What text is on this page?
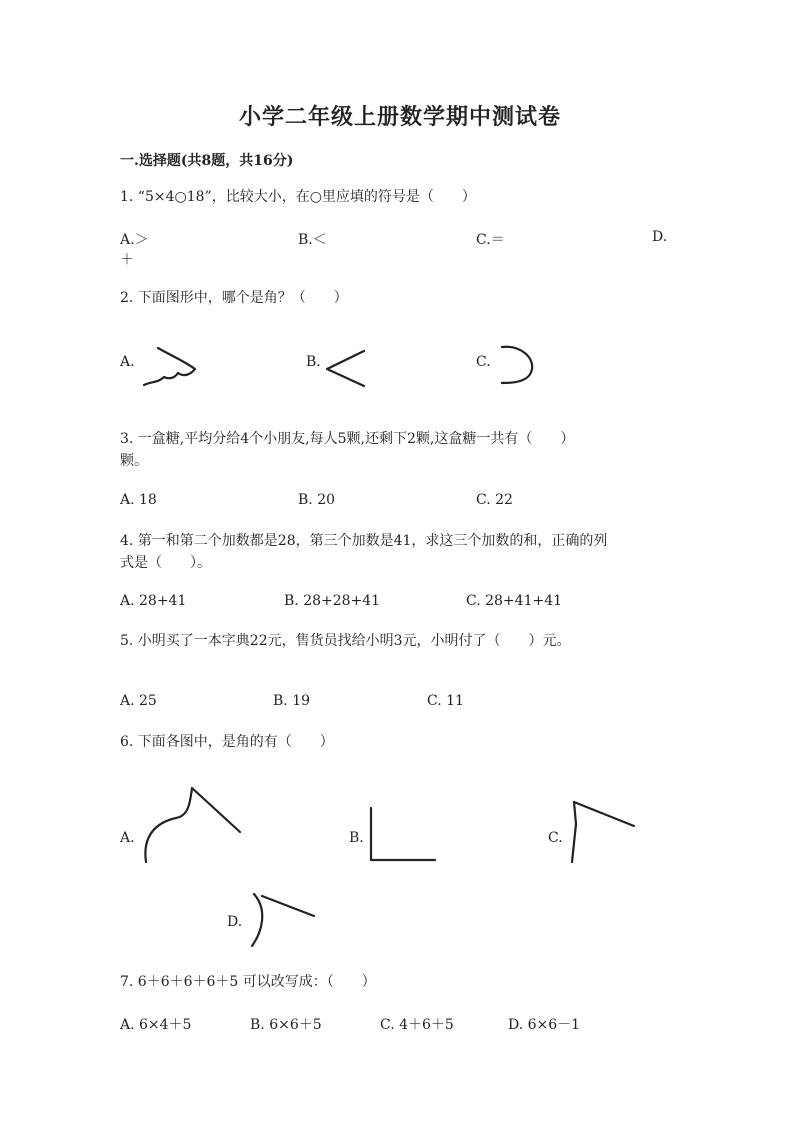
小学二年级上册数学期中测试卷
一.选择题(共8题，共16分)
1. “5×4○18”，比较大小，在○里应填的符号是（　　）
A.＞	B.＜	C.＝	D.
＋
2. 下面图形中，哪个是角？（　　）
A.	B.	C.
3. 一盒糖,平均分给4个小朋友,每人5颗,还剩下2颗,这盒糖一共有（　　）
颗。
A. 18	B. 20	C. 22
4. 第一和第二个加数都是28，第三个加数是41，求这三个加数的和，正确的列
式是（　　）。
A. 28+41	B. 28+28+41	C. 28+41+41
5. 小明买了一本字典22元，售货员找给小明3元，小明付了（　　）元。
A. 25	B. 19	C. 11
6. 下面各图中，是角的有（　　）
A.	B.	C.
D.
7. 6＋6＋6＋6＋5 可以改写成：（　　）
A. 6×4＋5	B. 6×6＋5	C. 4＋6＋5	D. 6×6－1
